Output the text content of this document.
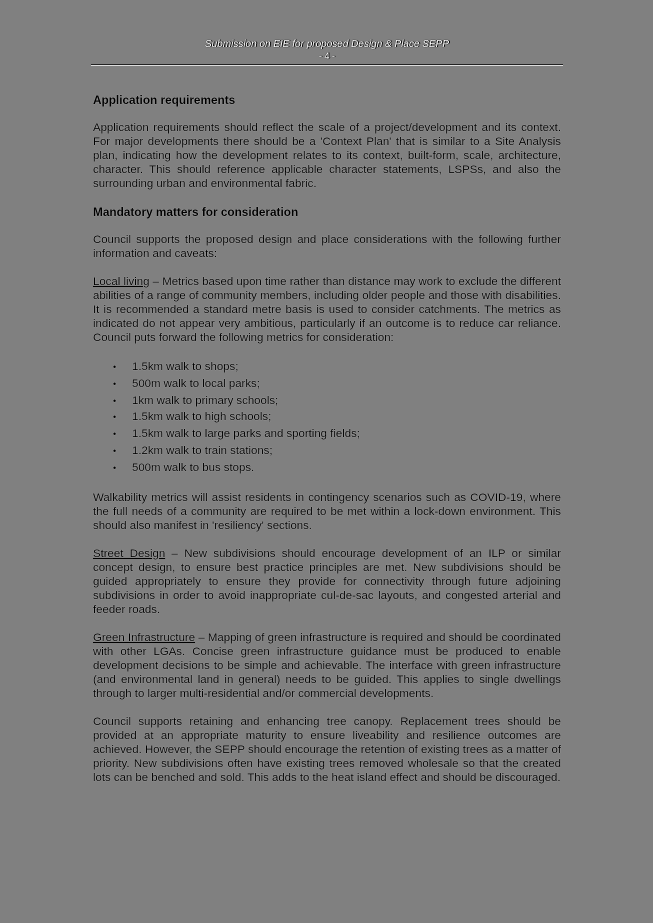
Submission on EIE for proposed Design & Place SEPP
- 4 -
Application requirements

Application requirements should reflect the scale of a project/development and its context. For major developments there should be a 'Context Plan' that is similar to a Site Analysis plan, indicating how the development relates to its context, built-form, scale, architecture, character. This should reference applicable character statements, LSPSs, and also the surrounding urban and environmental fabric.

Mandatory matters for consideration

Council supports the proposed design and place considerations with the following further information and caveats:

Local living – Metrics based upon time rather than distance may work to exclude the different abilities of a range of community members, including older people and those with disabilities. It is recommended a standard metre basis is used to consider catchments. The metrics as indicated do not appear very ambitious, particularly if an outcome is to reduce car reliance. Council puts forward the following metrics for consideration:

• 1.5km walk to shops;
• 500m walk to local parks;
• 1km walk to primary schools;
• 1.5km walk to high schools;
• 1.5km walk to large parks and sporting fields;
• 1.2km walk to train stations;
• 500m walk to bus stops.

Walkability metrics will assist residents in contingency scenarios such as COVID-19, where the full needs of a community are required to be met within a lock-down environment. This should also manifest in 'resiliency' sections.

Street Design – New subdivisions should encourage development of an ILP or similar concept design, to ensure best practice principles are met. New subdivisions should be guided appropriately to ensure they provide for connectivity through future adjoining subdivisions in order to avoid inappropriate cul-de-sac layouts, and congested arterial and feeder roads.

Green Infrastructure – Mapping of green infrastructure is required and should be coordinated with other LGAs. Concise green infrastructure guidance must be produced to enable development decisions to be simple and achievable. The interface with green infrastructure (and environmental land in general) needs to be guided. This applies to single dwellings through to larger multi-residential and/or commercial developments.

Council supports retaining and enhancing tree canopy. Replacement trees should be provided at an appropriate maturity to ensure liveability and resilience outcomes are achieved. However, the SEPP should encourage the retention of existing trees as a matter of priority. New subdivisions often have existing trees removed wholesale so that the created lots can be benched and sold. This adds to the heat island effect and should be discouraged.
